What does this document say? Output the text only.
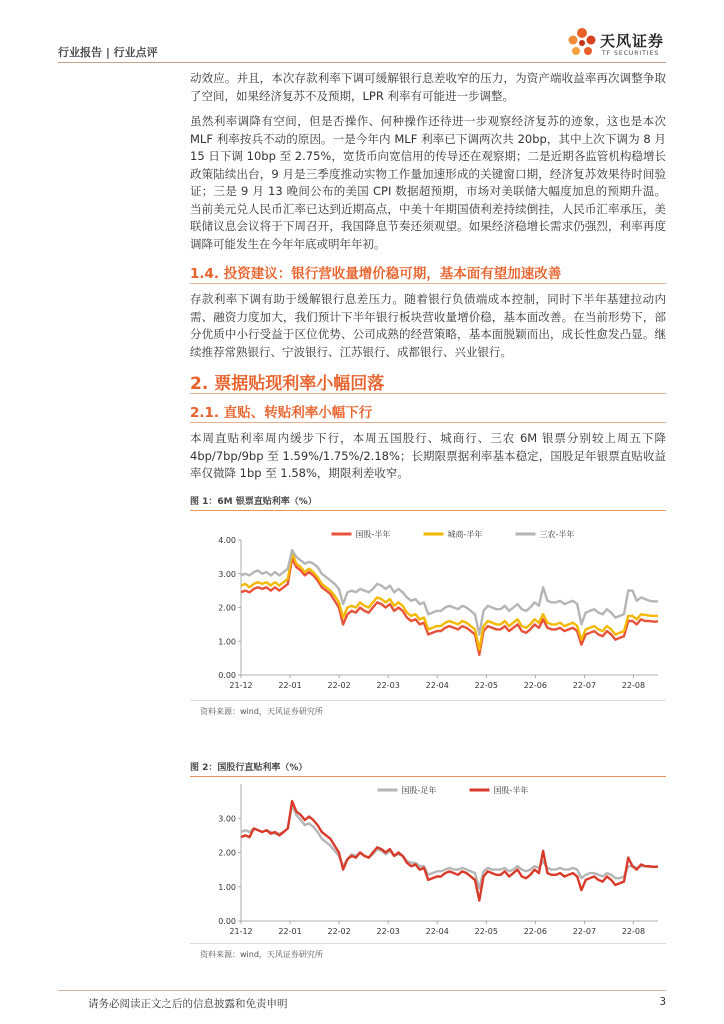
行业报告 | 行业点评
天风证券
TF SECURITIES

动效应。并且，本次存款利率下调可缓解银行息差收窄的压力，为资产端收益率再次调整争取了空间，如果经济复苏不及预期，LPR 利率有可能进一步调整。

虽然利率调降有空间，但是否操作、何种操作还待进一步观察经济复苏的迹象，这也是本次 MLF 利率按兵不动的原因。一是今年内 MLF 利率已下调两次共 20bp，其中上次下调为 8 月 15 日下调 10bp 至 2.75%，宽货币向宽信用的传导还在观察期；二是近期各监管机构稳增长政策陆续出台，9 月是三季度推动实物工作量加速形成的关键窗口期，经济复苏效果待时间验证；三是 9 月 13 晚间公布的美国 CPI 数据超预期，市场对美联储大幅度加息的预期升温。当前美元兑人民币汇率已达到近期高点，中美十年期国债利差持续倒挂，人民币汇率承压，美联储议息会议将于下周召开，我国降息节奏还须观望。如果经济稳增长需求仍强烈，利率再度调降可能发生在今年年底或明年年初。

1.4. 投资建议：银行营收量增价稳可期，基本面有望加速改善

存款利率下调有助于缓解银行息差压力。随着银行负债端成本控制，同时下半年基建拉动内需、融资力度加大，我们预计下半年银行板块营收量增价稳，基本面改善。在当前形势下，部分优质中小行受益于区位优势、公司成熟的经营策略，基本面脱颖而出，成长性愈发凸显。继续推荐常熟银行、宁波银行、江苏银行、成都银行、兴业银行。

2. 票据贴现利率小幅回落
2.1. 直贴、转贴利率小幅下行

本周直贴利率周内缓步下行，本周五国股行、城商行、三农 6M 银票分别较上周五下降 4bp/7bp/9bp 至 1.59%/1.75%/2.18%；长期限票据利率基本稳定，国股足年银票直贴收益率仅微降 1bp 至 1.58%，期限利差收窄。

图 1：6M 银票直贴利率（%）
0.00
1.00
2.00
3.00
4.00
21-12	22-01	22-02	22-03	22-04	22-05	22-06	22-07	22-08
国股-半年	城商-半年	三农-半年
资料来源：wind，天风证券研究所
图 2：国股行直贴利率（%）
0.00
1.00
2.00
3.00
21-12	22-01	22-02	22-03	22-04	22-05	22-06	22-07	22-08
国股-足年	国股-半年
资料来源：wind，天风证券研究所
请务必阅读正文之后的信息披露和免责申明	3
